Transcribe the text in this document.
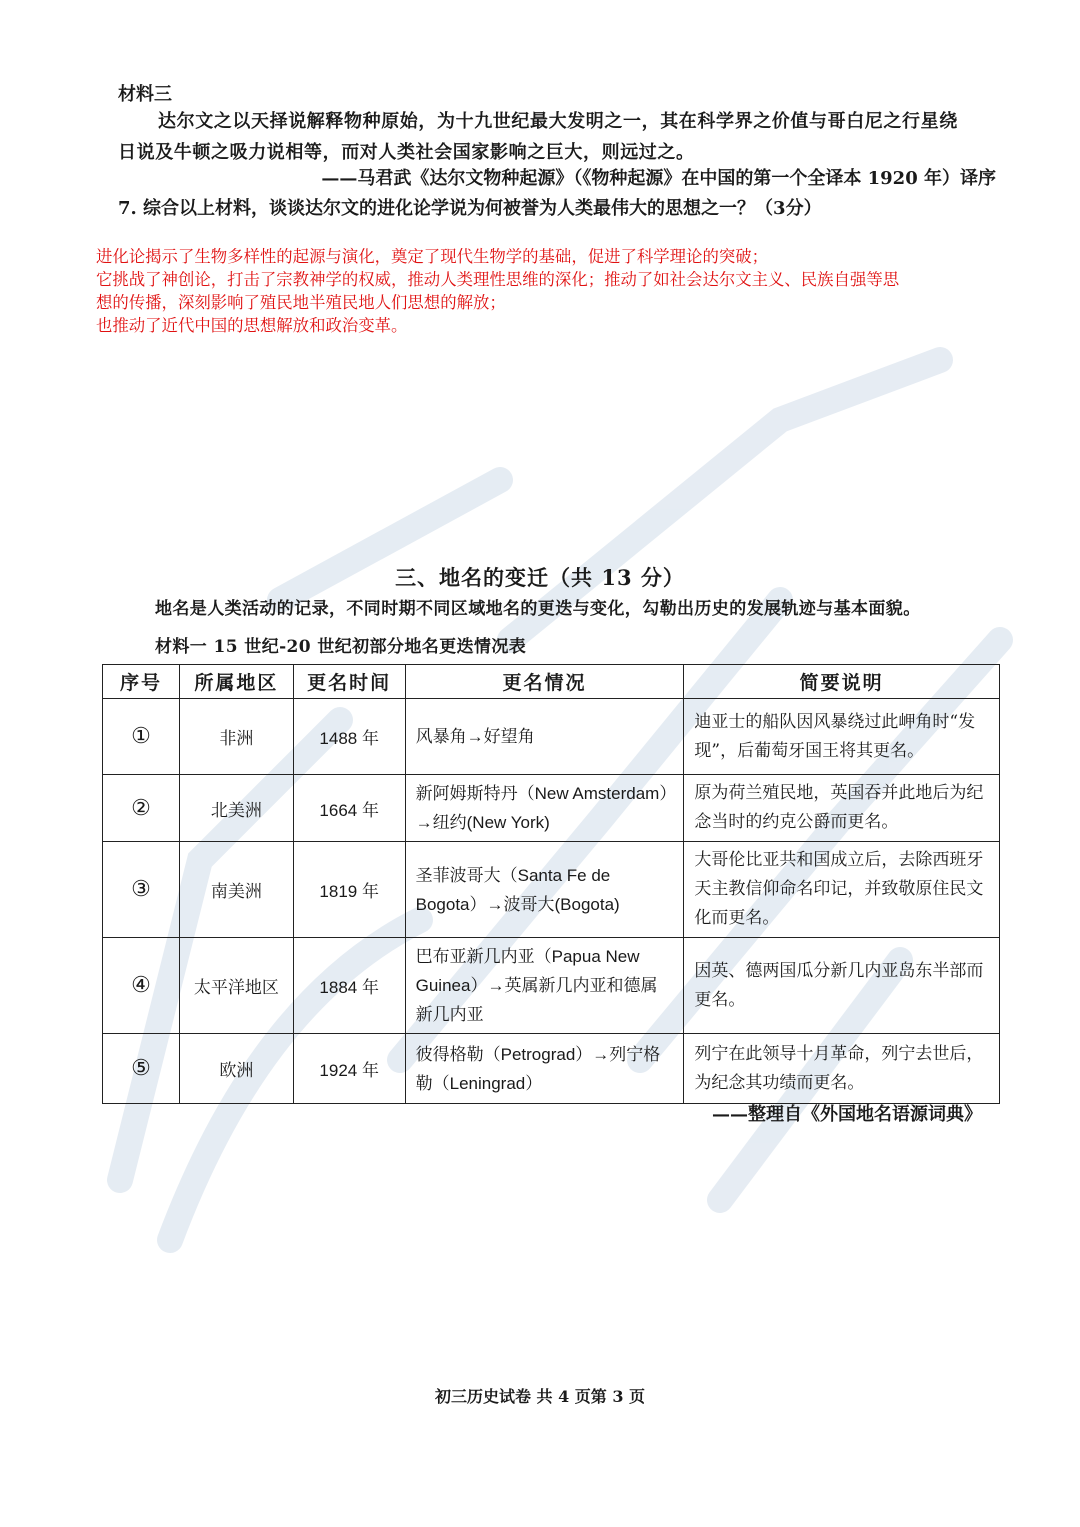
材料三
达尔文之以天择说解释物种原始，为十九世纪最大发明之一，其在科学界之价值与哥白尼之行星绕
日说及牛顿之吸力说相等，而对人类社会国家影响之巨大，则远过之。
——马君武《达尔文物种起源》（《物种起源》在中国的第一个全译本 1920 年）译序
7. 综合以上材料，谈谈达尔文的进化论学说为何被誉为人类最伟大的思想之一？（3分）
进化论揭示了生物多样性的起源与演化，奠定了现代生物学的基础，促进了科学理论的突破；
它挑战了神创论，打击了宗教神学的权威，推动人类理性思维的深化；推动了如社会达尔文主义、民族自强等思
想的传播，深刻影响了殖民地半殖民地人们思想的解放；
也推动了近代中国的思想解放和政治变革。
三、地名的变迁（共 13 分）
地名是人类活动的记录，不同时期不同区域地名的更迭与变化，勾勒出历史的发展轨迹与基本面貌。
材料一 15 世纪-20 世纪初部分地名更迭情况表
序号	所属地区	更名时间	更名情况	简要说明
①	非洲	1488 年	风暴角→好望角	迪亚士的船队因风暴绕过此岬角时“发现”，后葡萄牙国王将其更名。
②	北美洲	1664 年	新阿姆斯特丹（New Amsterdam）→纽约(New York)	原为荷兰殖民地，英国吞并此地后为纪念当时的约克公爵而更名。
③	南美洲	1819 年	圣菲波哥大（Santa Fe de Bogota）→波哥大(Bogota)	大哥伦比亚共和国成立后，去除西班牙天主教信仰命名印记，并致敬原住民文化而更名。
④	太平洋地区	1884 年	巴布亚新几内亚（Papua New Guinea）→英属新几内亚和德属新几内亚	因英、德两国瓜分新几内亚岛东半部而更名。
⑤	欧洲	1924 年	彼得格勒（Petrograd）→列宁格勒（Leningrad）	列宁在此领导十月革命，列宁去世后，为纪念其功绩而更名。
——整理自《外国地名语源词典》
初三历史试卷 共 4 页第 3 页
